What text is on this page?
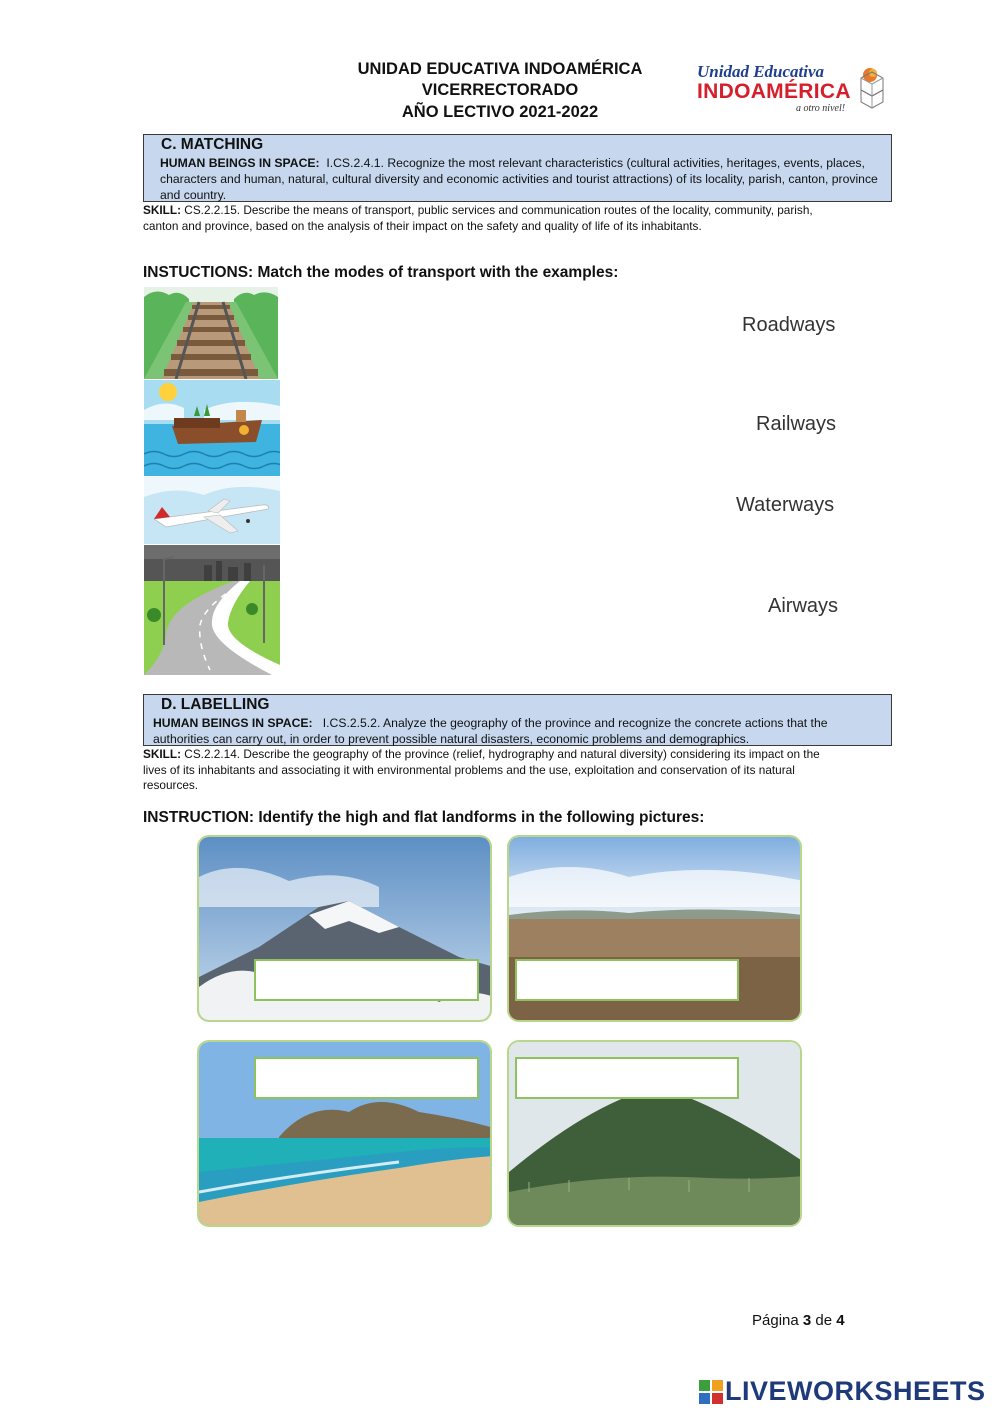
UNIDAD EDUCATIVA INDOAMÉRICA
VICERRECTORADO
AÑO LECTIVO 2021-2022
Unidad Educativa
INDOAMÉRICA
a otro nivel!
C. MATCHING
HUMAN BEINGS IN SPACE: I.CS.2.4.1. Recognize the most relevant characteristics (cultural activities, heritages, events, places, characters and human, natural, cultural diversity and economic activities and tourist attractions) of its locality, parish, canton, province and country.
SKILL: CS.2.2.15. Describe the means of transport, public services and communication routes of the locality, community, parish, canton and province, based on the analysis of their impact on the safety and quality of life of its inhabitants.
INSTUCTIONS: Match the modes of transport with the examples:
Roadways
Railways
Waterways
Airways
D. LABELLING
HUMAN BEINGS IN SPACE: I.CS.2.5.2. Analyze the geography of the province and recognize the concrete actions that the authorities can carry out, in order to prevent possible natural disasters, economic problems and demographics.
SKILL: CS.2.2.14. Describe the geography of the province (relief, hydrography and natural diversity) considering its impact on the lives of its inhabitants and associating it with environmental problems and the use, exploitation and conservation of its natural resources.
INSTRUCTION: Identify the high and flat landforms in the following pictures:
Página 3 de 4
LIVEWORKSHEETS
